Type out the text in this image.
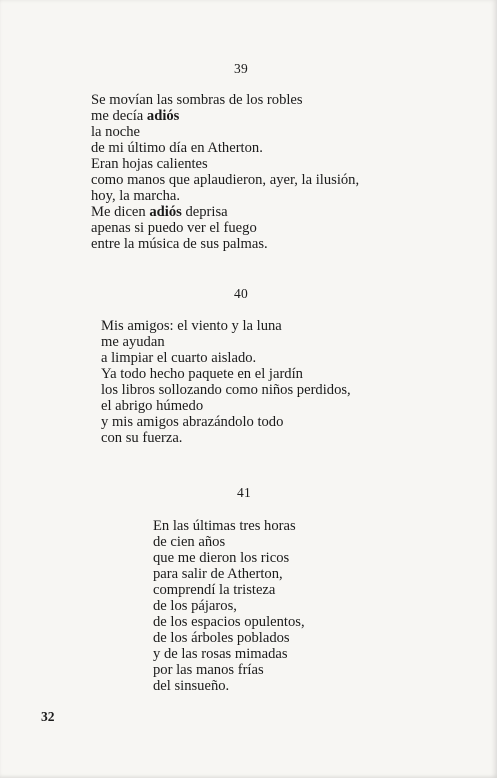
39
Se movían las sombras de los robles
me decía adiós
la noche
de mi último día en Atherton.
Eran hojas calientes
como manos que aplaudieron, ayer, la ilusión,
hoy, la marcha.
Me dicen adiós deprisa
apenas si puedo ver el fuego
entre la música de sus palmas.
40
Mis amigos: el viento y la luna
me ayudan
a limpiar el cuarto aislado.
Ya todo hecho paquete en el jardín
los libros sollozando como niños perdidos,
el abrigo húmedo
y mis amigos abrazándolo todo
con su fuerza.
41
En las últimas tres horas
de cien años
que me dieron los ricos
para salir de Atherton,
comprendí la tristeza
de los pájaros,
de los espacios opulentos,
de los árboles poblados
y de las rosas mimadas
por las manos frías
del sinsueño.
32
